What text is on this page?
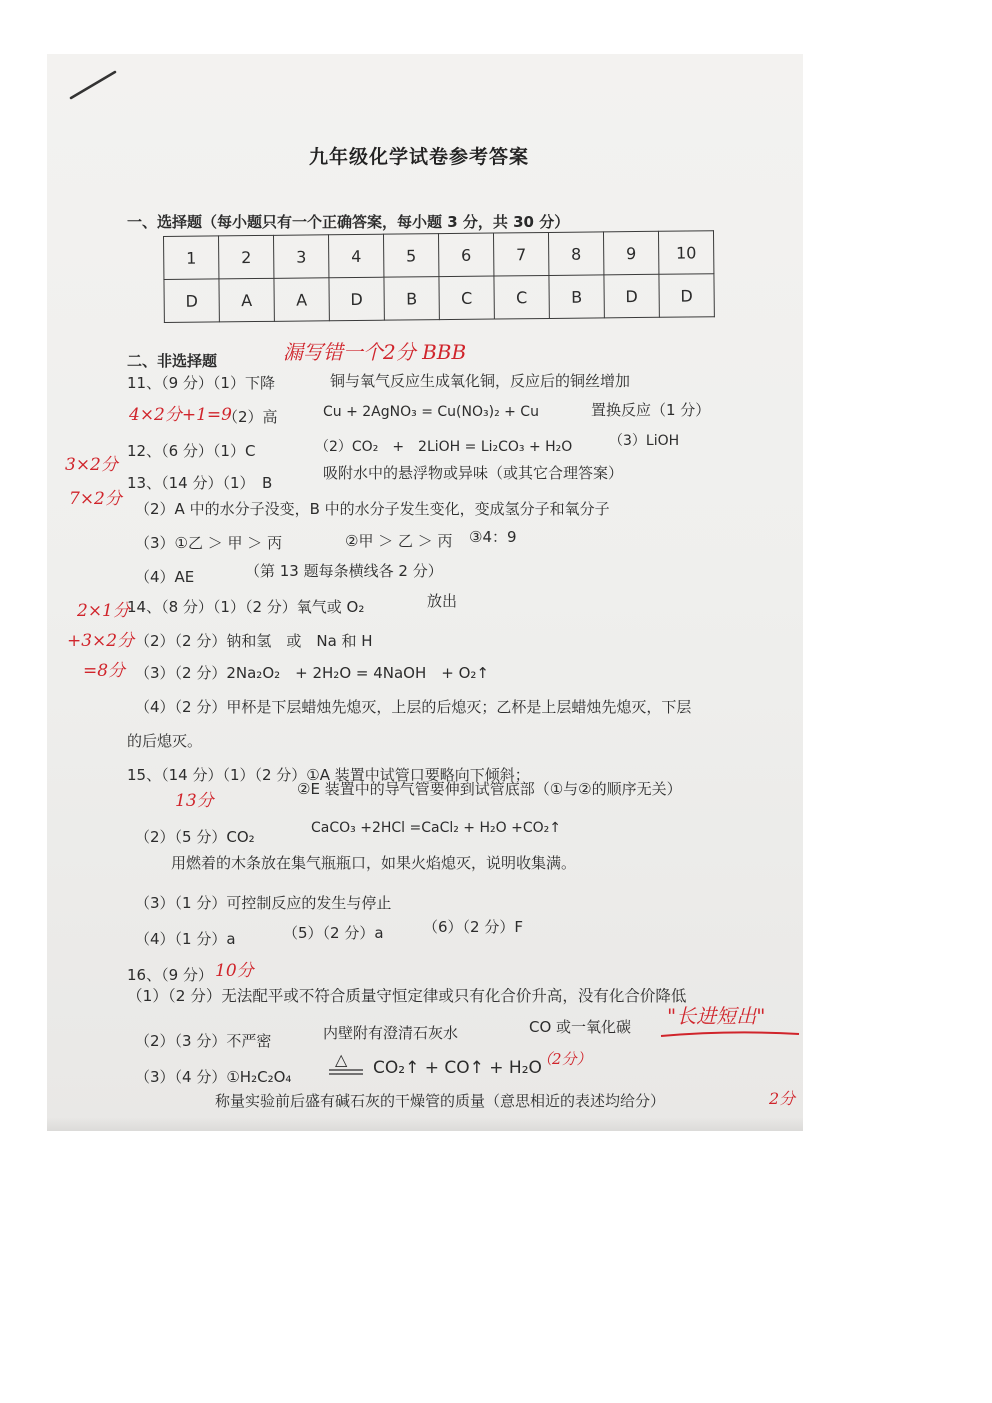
九年级化学试卷参考答案
一、选择题（每小题只有一个正确答案，每小题 3 分，共 30 分）
1	2	3	4	5	6	7	8	9	10
D	A	A	D	B	C	C	B	D	D
二、非选择题	漏写错一个2分 BBB
11、（9 分）（1）下降	铜与氧气反应生成氧化铜，反应后的铜丝增加
4×2分+1=9
（2）高	Cu + 2AgNO₃ = Cu(NO₃)₂ + Cu	置换反应（1 分）
12、（6 分）（1）C	（2）CO₂　+　2LiOH = Li₂CO₃ + H₂O	（3）LiOH
3×2分
13、（14 分）（1）　B
吸附水中的悬浮物或异味（或其它合理答案）
7×2分 （2）A 中的水分子没变，B 中的水分子发生变化，变成氢分子和氧分子
（3）①乙 ＞ 甲 ＞ 丙	②甲 ＞ 乙 ＞ 丙 ③4：9
（4）AE	（第 13 题每条横线各 2 分）
2×1分
14、（8 分）（1）（2 分）氧气或 O₂	放出
+3×2分 （2）（2 分）钠和氢　或　Na 和 H
=8分 （3）（2 分）2Na₂O₂　+ 2H₂O = 4NaOH　+ O₂↑
（4）（2 分）甲杯是下层蜡烛先熄灭，上层的后熄灭；乙杯是上层蜡烛先熄灭，下层
的后熄灭。
15、（14 分）（1）（2 分）①A 装置中试管口要略向下倾斜；
13分
②E 装置中的导气管要伸到试管底部（①与②的顺序无关）
（2）（5 分）CO₂	CaCO₃ +2HCl =CaCl₂ + H₂O +CO₂↑
用燃着的木条放在集气瓶瓶口，如果火焰熄灭，说明收集满。
（3）（1 分）可控制反应的发生与停止
（4）（1 分）a	（5）（2 分）a	（6）（2 分）F
16、（9 分） 10分
（1）（2 分）无法配平或不符合质量守恒定律或只有化合价升高，没有化合价降低
（2）（3 分）不严密	内壁附有澄清石灰水	CO 或一氧化碳 "长进短出"
（3）（4 分）①H₂C₂O₄
△ CO₂↑ + CO↑ + H₂O
（2分）
称量实验前后盛有碱石灰的干燥管的质量（意思相近的表述均给分）	2分
